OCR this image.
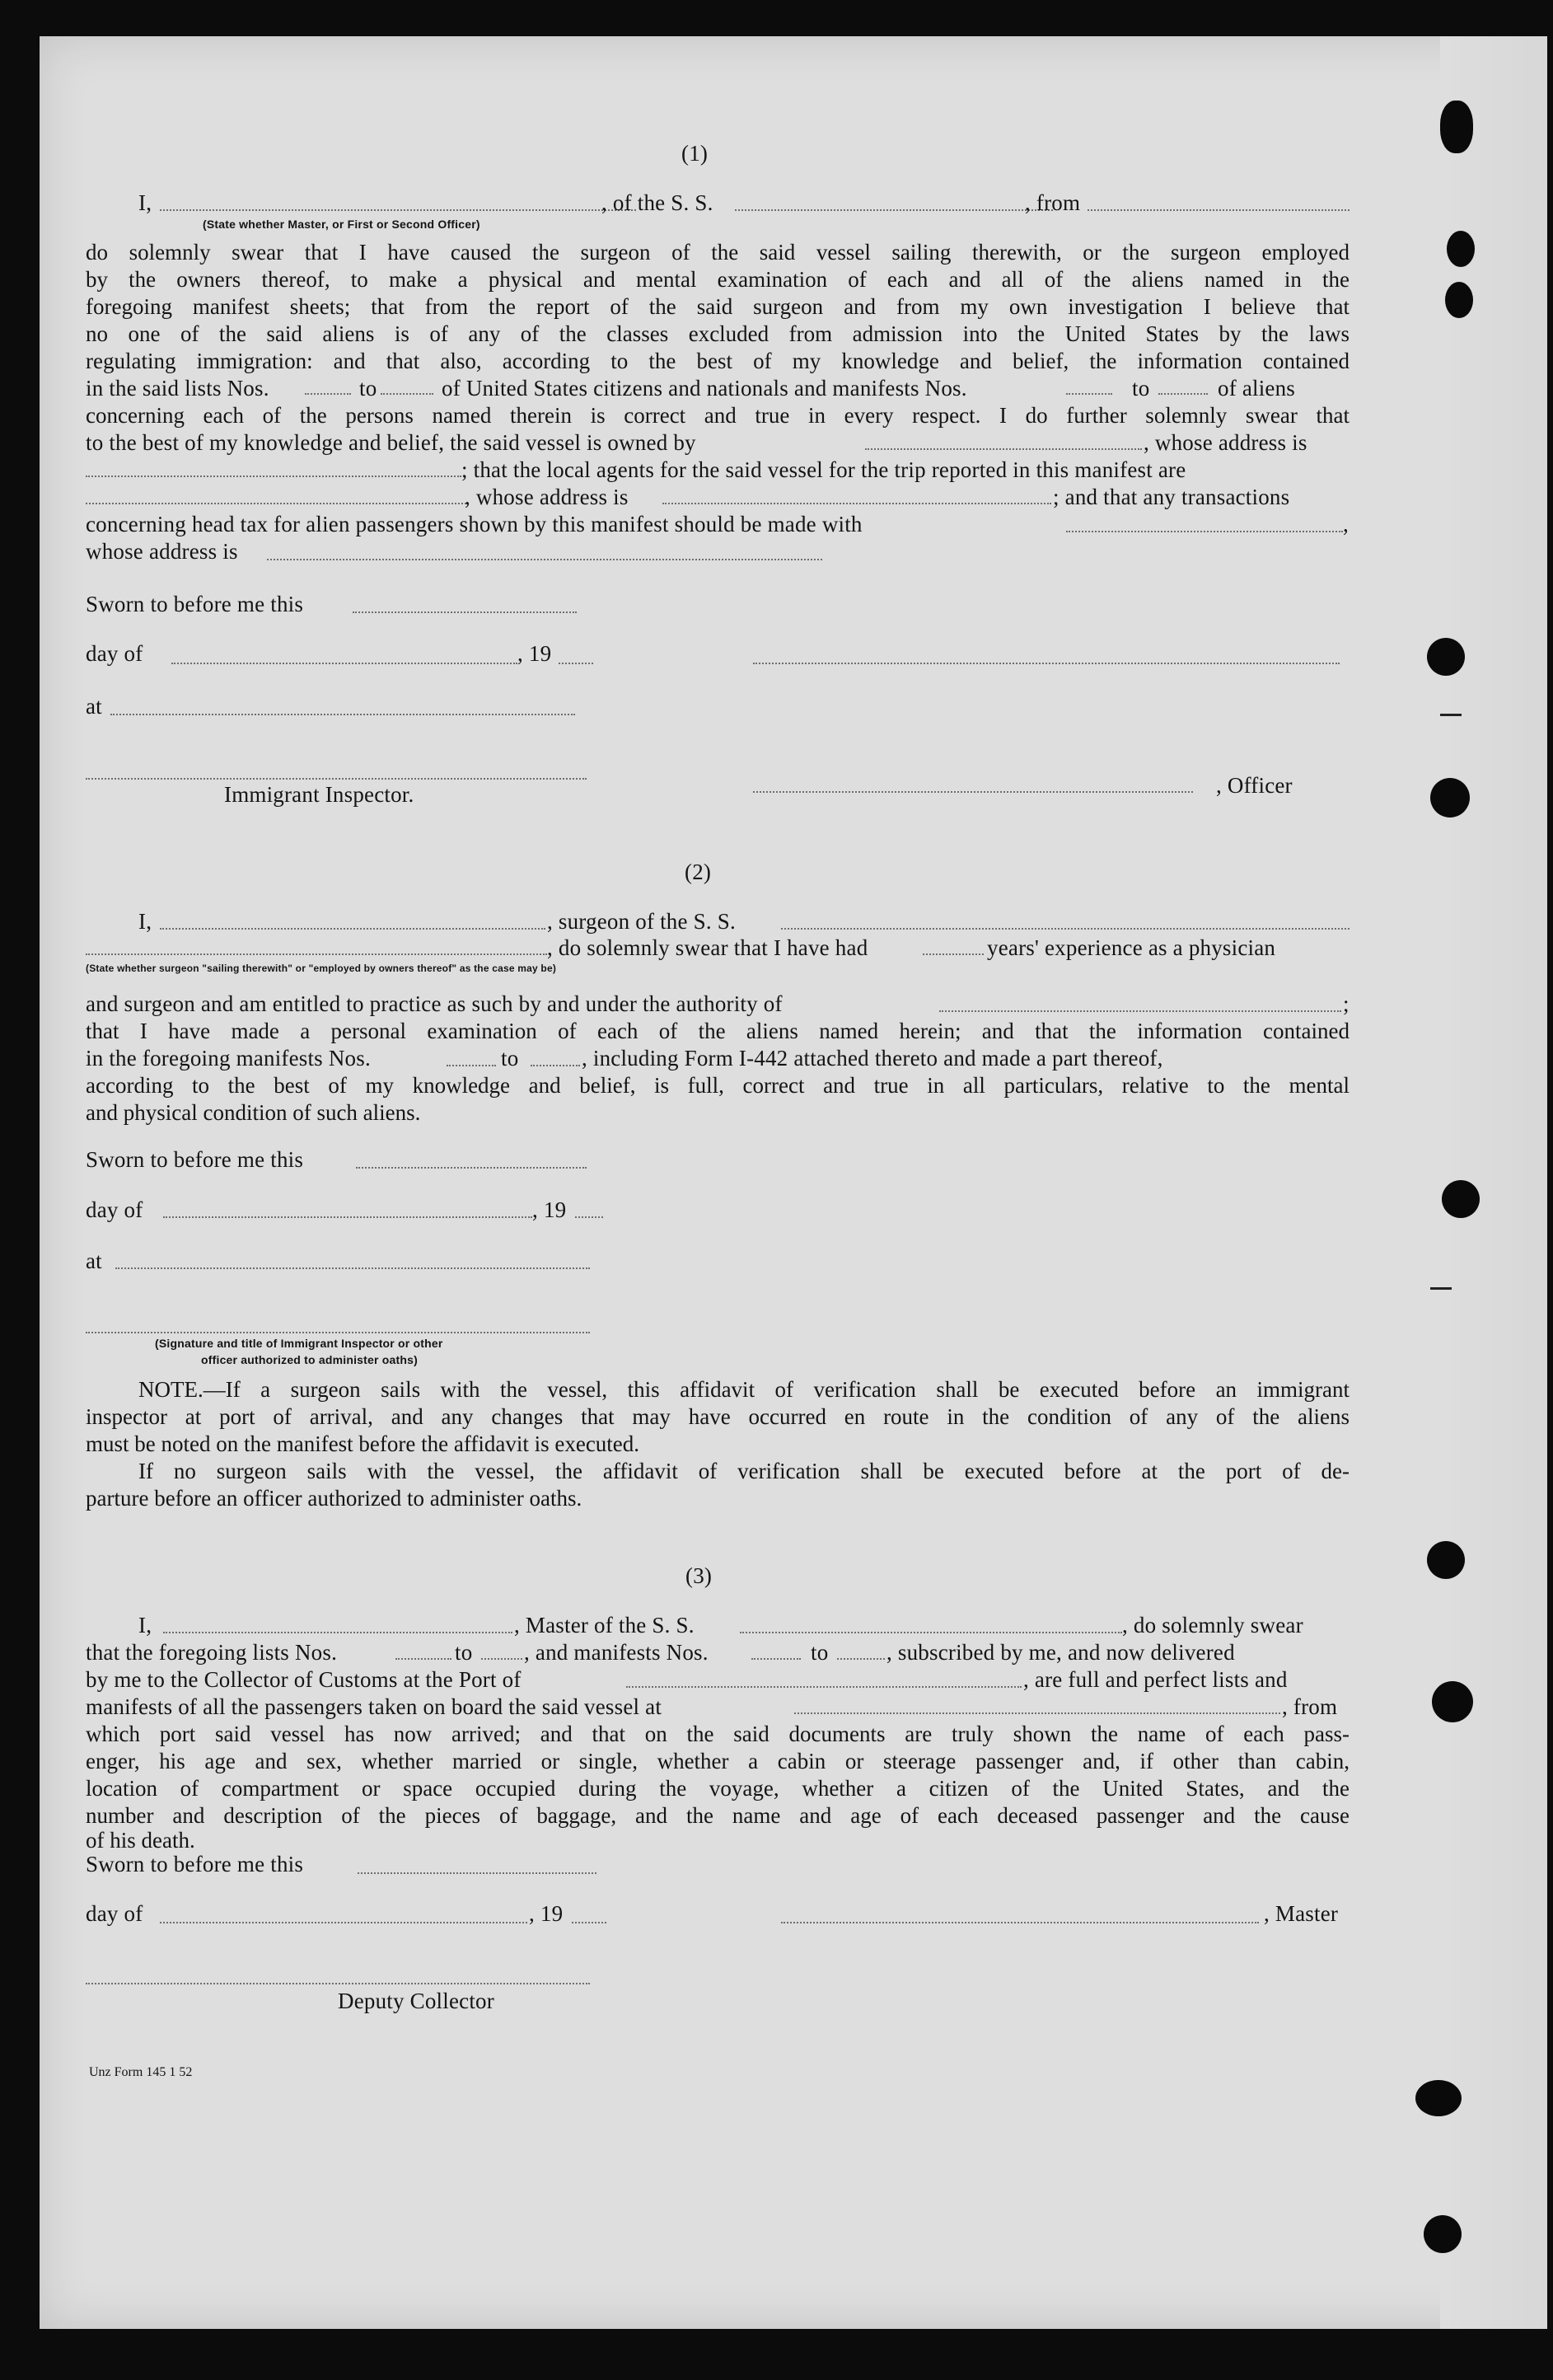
(1)
I,	, of the S. S.	, from
(State whether Master, or First or Second Officer)
do solemnly swear that I have caused the surgeon of the said vessel sailing therewith, or the surgeon employed
by the owners thereof, to make a physical and mental examination of each and all of the aliens named in the
foregoing manifest sheets; that from the report of the said surgeon and from my own investigation I believe that
no one of the said aliens is of any of the classes excluded from admission into the United States by the laws
regulating immigration: and that also, according to the best of my knowledge and belief, the information contained
in the said lists Nos.	to	of United States citizens and nationals and manifests Nos.	to	of aliens
concerning each of the persons named therein is correct and true in every respect. I do further solemnly swear that
to the best of my knowledge and belief, the said vessel is owned by	, whose address is
; that the local agents for the said vessel for the trip reported in this manifest are
, whose address is	; and that any transactions
concerning head tax for alien passengers shown by this manifest should be made with	,
whose address is
Sworn to before me this
day of	, 19
at
Immigrant Inspector.	, Officer
(2)
I,	, surgeon of the S. S.
, do solemnly swear that I have had	years' experience as a physician
(State whether surgeon "sailing therewith" or "employed by owners thereof" as the case may be)
and surgeon and am entitled to practice as such by and under the authority of	;
that I have made a personal examination of each of the aliens named herein; and that the information contained
in the foregoing manifests Nos.	to	, including Form I-442 attached thereto and made a part thereof,
according to the best of my knowledge and belief, is full, correct and true in all particulars, relative to the mental
and physical condition of such aliens.
Sworn to before me this
day of	, 19
at
(Signature and title of Immigrant Inspector or other
officer authorized to administer oaths)
NOTE.—If a surgeon sails with the vessel, this affidavit of verification shall be executed before an immigrant
inspector at port of arrival, and any changes that may have occurred en route in the condition of any of the aliens
must be noted on the manifest before the affidavit is executed.
If no surgeon sails with the vessel, the affidavit of verification shall be executed before at the port of de-
parture before an officer authorized to administer oaths.
(3)
I,	, Master of the S. S.	, do solemnly swear
that the foregoing lists Nos.	to , and manifests Nos.	to	, subscribed by me, and now delivered
by me to the Collector of Customs at the Port of	, are full and perfect lists and
manifests of all the passengers taken on board the said vessel at	, from
which port said vessel has now arrived; and that on the said documents are truly shown the name of each pass-
enger, his age and sex, whether married or single, whether a cabin or steerage passenger and, if other than cabin,
location of compartment or space occupied during the voyage, whether a citizen of the United States, and the
number and description of the pieces of baggage, and the name and age of each deceased passenger and the cause
of his death.
Sworn to before me this
day of	, 19	, Master
Deputy Collector
Unz Form 145 1 52
